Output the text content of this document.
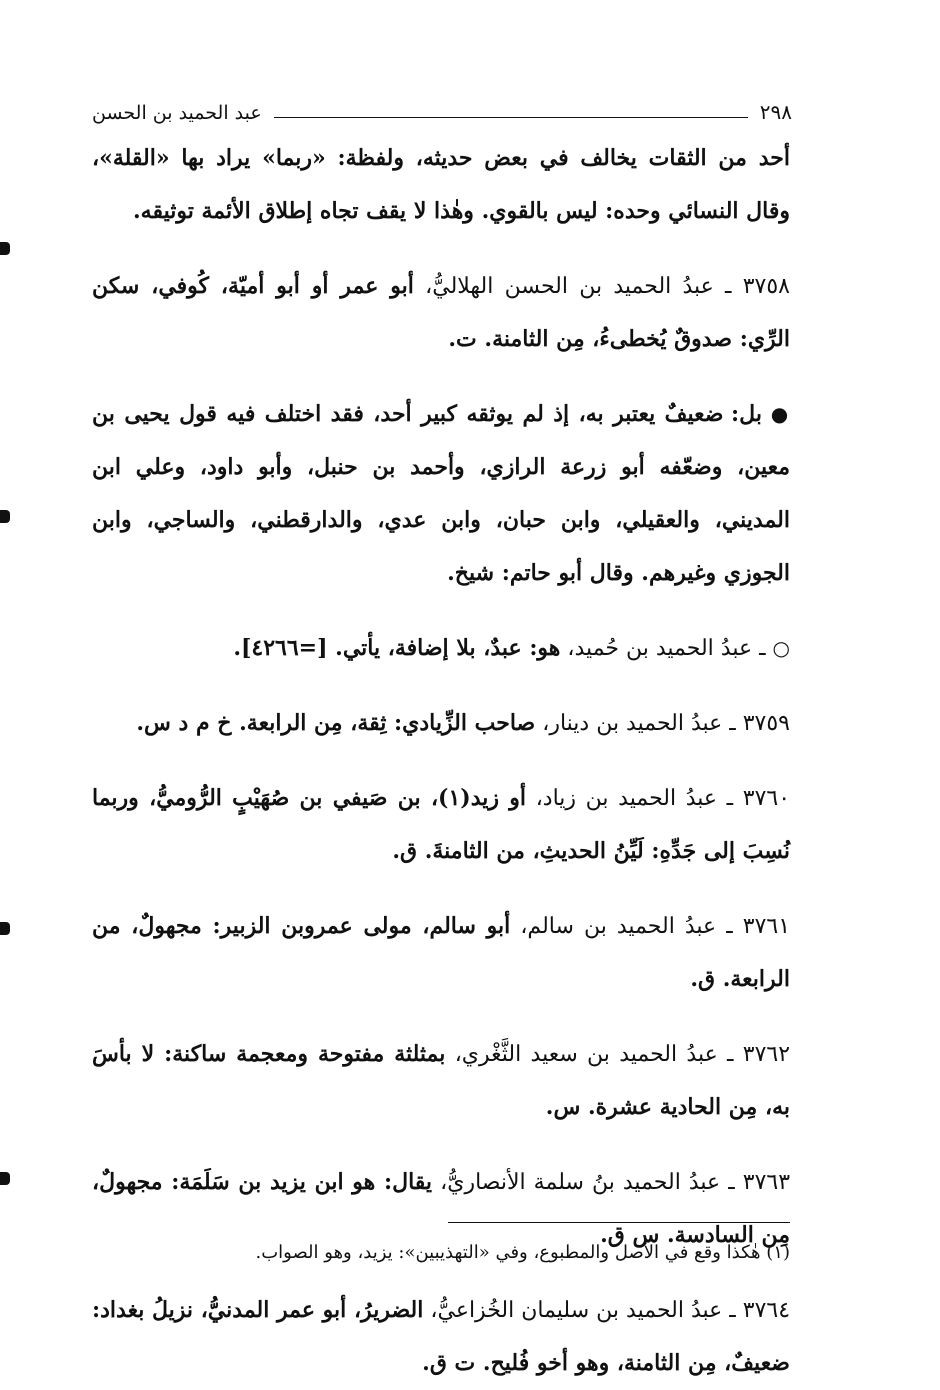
عبد الحميد بن الحسن	٢٩٨

أحد من الثقات يخالف في بعض حديثه، ولفظة: «ربما» يراد بها «القلة»، وقال النسائي وحده: ليس بالقوي. وهٰذا لا يقف تجاه إطلاق الأئمة توثيقه.

٣٧٥٨ ـ عبدُ الحميد بن الحسن الهلاليُّ، أبو عمر أو أبو أميّة، كُوفي، سكن الرِّي: صدوقٌ يُخطىءُ، مِن الثامنة. ت.

● بل: ضعيفٌ يعتبر به، إذ لم يوثقه كبير أحد، فقد اختلف فيه قول يحيى بن معين، وضعّفه أبو زرعة الرازي، وأحمد بن حنبل، وأبو داود، وعلي ابن المديني، والعقيلي، وابن حبان، وابن عدي، والدارقطني، والساجي، وابن الجوزي وغيرهم. وقال أبو حاتم: شيخ.

○ ـ عبدُ الحميد بن حُميد، هو: عبدٌ، بلا إضافة، يأتي. [=٤٢٦٦].

٣٧٥٩ ـ عبدُ الحميد بن دينار، صاحب الزِّيادي: ثِقة، مِن الرابعة. خ م د س.

٣٧٦٠ ـ عبدُ الحميد بن زياد، أو زيد(١)، بن صَيفي بن صُهَيْبٍ الرُّوميُّ، وربما نُسِبَ إلى جَدِّهِ: لَيِّنُ الحديثِ، من الثامنةَ. ق.

٣٧٦١ ـ عبدُ الحميد بن سالم، أبو سالم، مولى عمروبن الزبير: مجهولٌ، من الرابعة. ق.

٣٧٦٢ ـ عبدُ الحميد بن سعيد الثَّغْري، بمثلثة مفتوحة ومعجمة ساكنة: لا بأسَ به، مِن الحادية عشرة. س.

٣٧٦٣ ـ عبدُ الحميد بنُ سلمة الأنصاريُّ، يقال: هو ابن يزيد بن سَلَمَة: مجهولٌ، مِن السادسة. س ق.

٣٧٦٤ ـ عبدُ الحميد بن سليمان الخُزاعيُّ، الضريرُ، أبو عمر المدنيُّ، نزيلُ بغداد: ضعيفٌ، مِن الثامنة، وهو أخو فُليح. ت ق.

(١) هٰكذا وقع في الأصل والمطبوع، وفي «التهذيبين»: يزيد، وهو الصواب.
